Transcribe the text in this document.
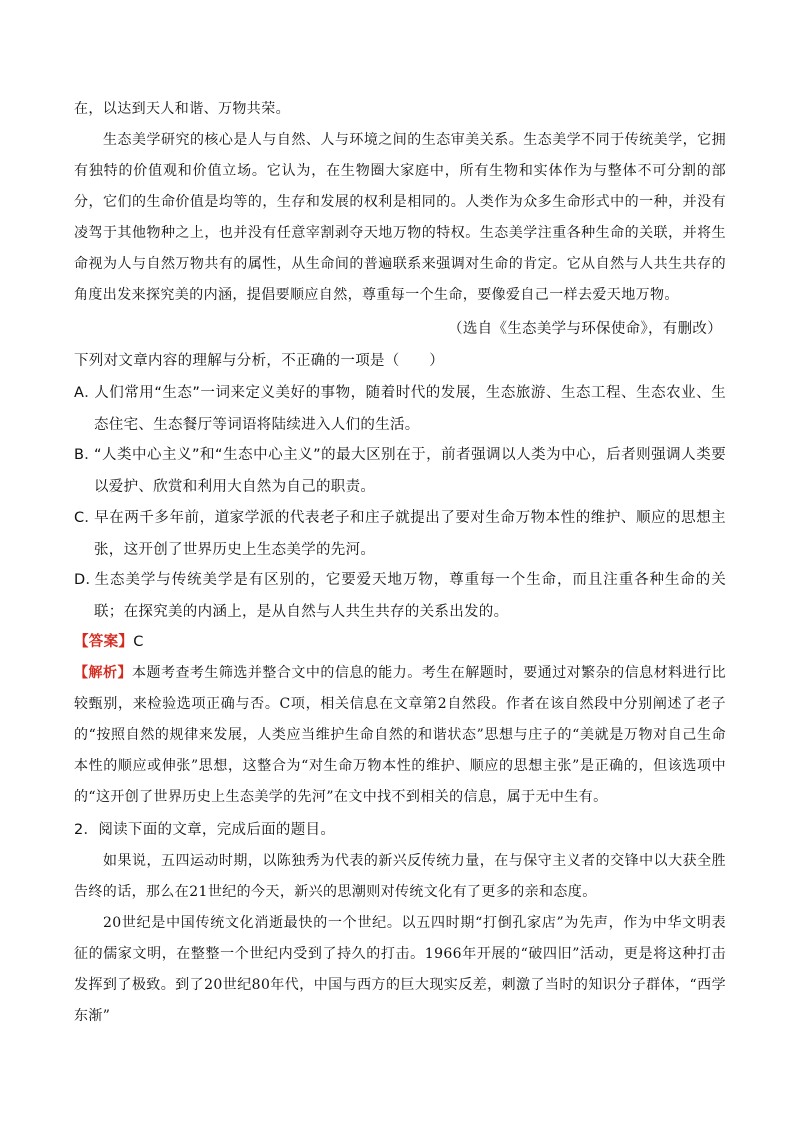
在，以达到天人和谐、万物共荣。

生态美学研究的核心是人与自然、人与环境之间的生态审美关系。生态美学不同于传统美学，它拥有独特的价值观和价值立场。它认为，在生物圈大家庭中，所有生物和实体作为与整体不可分割的部分，它们的生命价值是均等的，生存和发展的权利是相同的。人类作为众多生命形式中的一种，并没有凌驾于其他物种之上，也并没有任意宰割剥夺天地万物的特权。生态美学注重各种生命的关联，并将生命视为人与自然万物共有的属性，从生命间的普遍联系来强调对生命的肯定。它从自然与人共生共存的角度出发来探究美的内涵，提倡要顺应自然，尊重每一个生命，要像爱自己一样去爱天地万物。

（选自《生态美学与环保使命》，有删改）

下列对文章内容的理解与分析，不正确的一项是（　　）

A．人们常用“生态”一词来定义美好的事物，随着时代的发展，生态旅游、生态工程、生态农业、生态住宅、生态餐厅等词语将陆续进入人们的生活。

B．“人类中心主义”和“生态中心主义”的最大区别在于，前者强调以人类为中心，后者则强调人类要以爱护、欣赏和利用大自然为自己的职责。

C．早在两千多年前，道家学派的代表老子和庄子就提出了要对生命万物本性的维护、顺应的思想主张，这开创了世界历史上生态美学的先河。

D．生态美学与传统美学是有区别的，它要爱天地万物，尊重每一个生命，而且注重各种生命的关联；在探究美的内涵上，是从自然与人共生共存的关系出发的。

【答案】C

【解析】本题考查考生筛选并整合文中的信息的能力。考生在解题时，要通过对繁杂的信息材料进行比较甄别，来检验选项正确与否。C项，相关信息在文章第2自然段。作者在该自然段中分别阐述了老子的“按照自然的规律来发展，人类应当维护生命自然的和谐状态”思想与庄子的“美就是万物对自己生命本性的顺应或伸张”思想，这整合为“对生命万物本性的维护、顺应的思想主张”是正确的，但该选项中的“这开创了世界历史上生态美学的先河”在文中找不到相关的信息，属于无中生有。

2．阅读下面的文章，完成后面的题目。

如果说，五四运动时期，以陈独秀为代表的新兴反传统力量，在与保守主义者的交锋中以大获全胜告终的话，那么在21世纪的今天，新兴的思潮则对传统文化有了更多的亲和态度。

20世纪是中国传统文化消逝最快的一个世纪。以五四时期“打倒孔家店”为先声，作为中华文明表征的儒家文明，在整整一个世纪内受到了持久的打击。1966年开展的“破四旧”活动，更是将这种打击发挥到了极致。到了20世纪80年代，中国与西方的巨大现实反差，刺激了当时的知识分子群体，“西学东渐”
